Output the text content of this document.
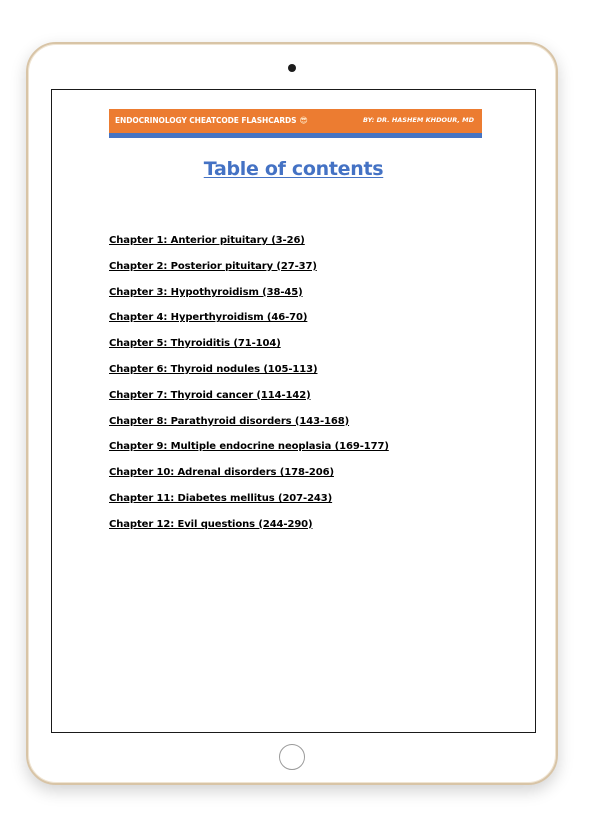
ENDOCRINOLOGY CHEATCODE FLASHCARDS 😎	BY: DR. HASHEM KHDOUR, MD
Table of contents
Chapter 1: Anterior pituitary (3-26)
Chapter 2: Posterior pituitary (27-37)
Chapter 3: Hypothyroidism (38-45)
Chapter 4: Hyperthyroidism (46-70)
Chapter 5: Thyroiditis (71-104)
Chapter 6: Thyroid nodules (105-113)
Chapter 7: Thyroid cancer (114-142)
Chapter 8: Parathyroid disorders (143-168)
Chapter 9: Multiple endocrine neoplasia (169-177)
Chapter 10: Adrenal disorders (178-206)
Chapter 11: Diabetes mellitus (207-243)
Chapter 12: Evil questions (244-290)
